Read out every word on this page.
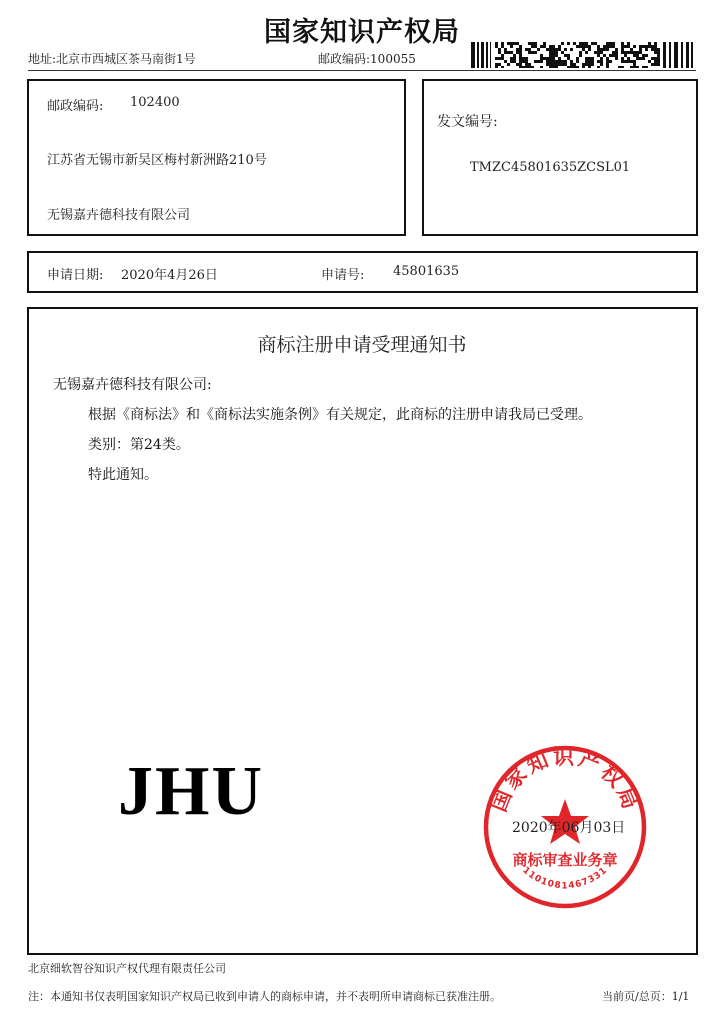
国家知识产权局
地址:北京市西城区茶马南街1号	邮政编码:100055
邮政编码: 102400
江苏省无锡市新吴区梅村新洲路210号
无锡嘉卉德科技有限公司
发文编号:
TMZC45801635ZCSL01
申请日期: 2020年4月26日	申请号: 45801635
商标注册申请受理通知书
无锡嘉卉德科技有限公司:
根据《商标法》和《商标法实施条例》有关规定，此商标的注册申请我局已受理。
类别：第24类。
特此通知。
JHU	国家知识产权局
商标审查业务章
1101081467331
2020年06月03日
北京细软智谷知识产权代理有限责任公司
注：本通知书仅表明国家知识产权局已收到申请人的商标申请，并不表明所申请商标已获准注册。	当前页/总页：1/1
